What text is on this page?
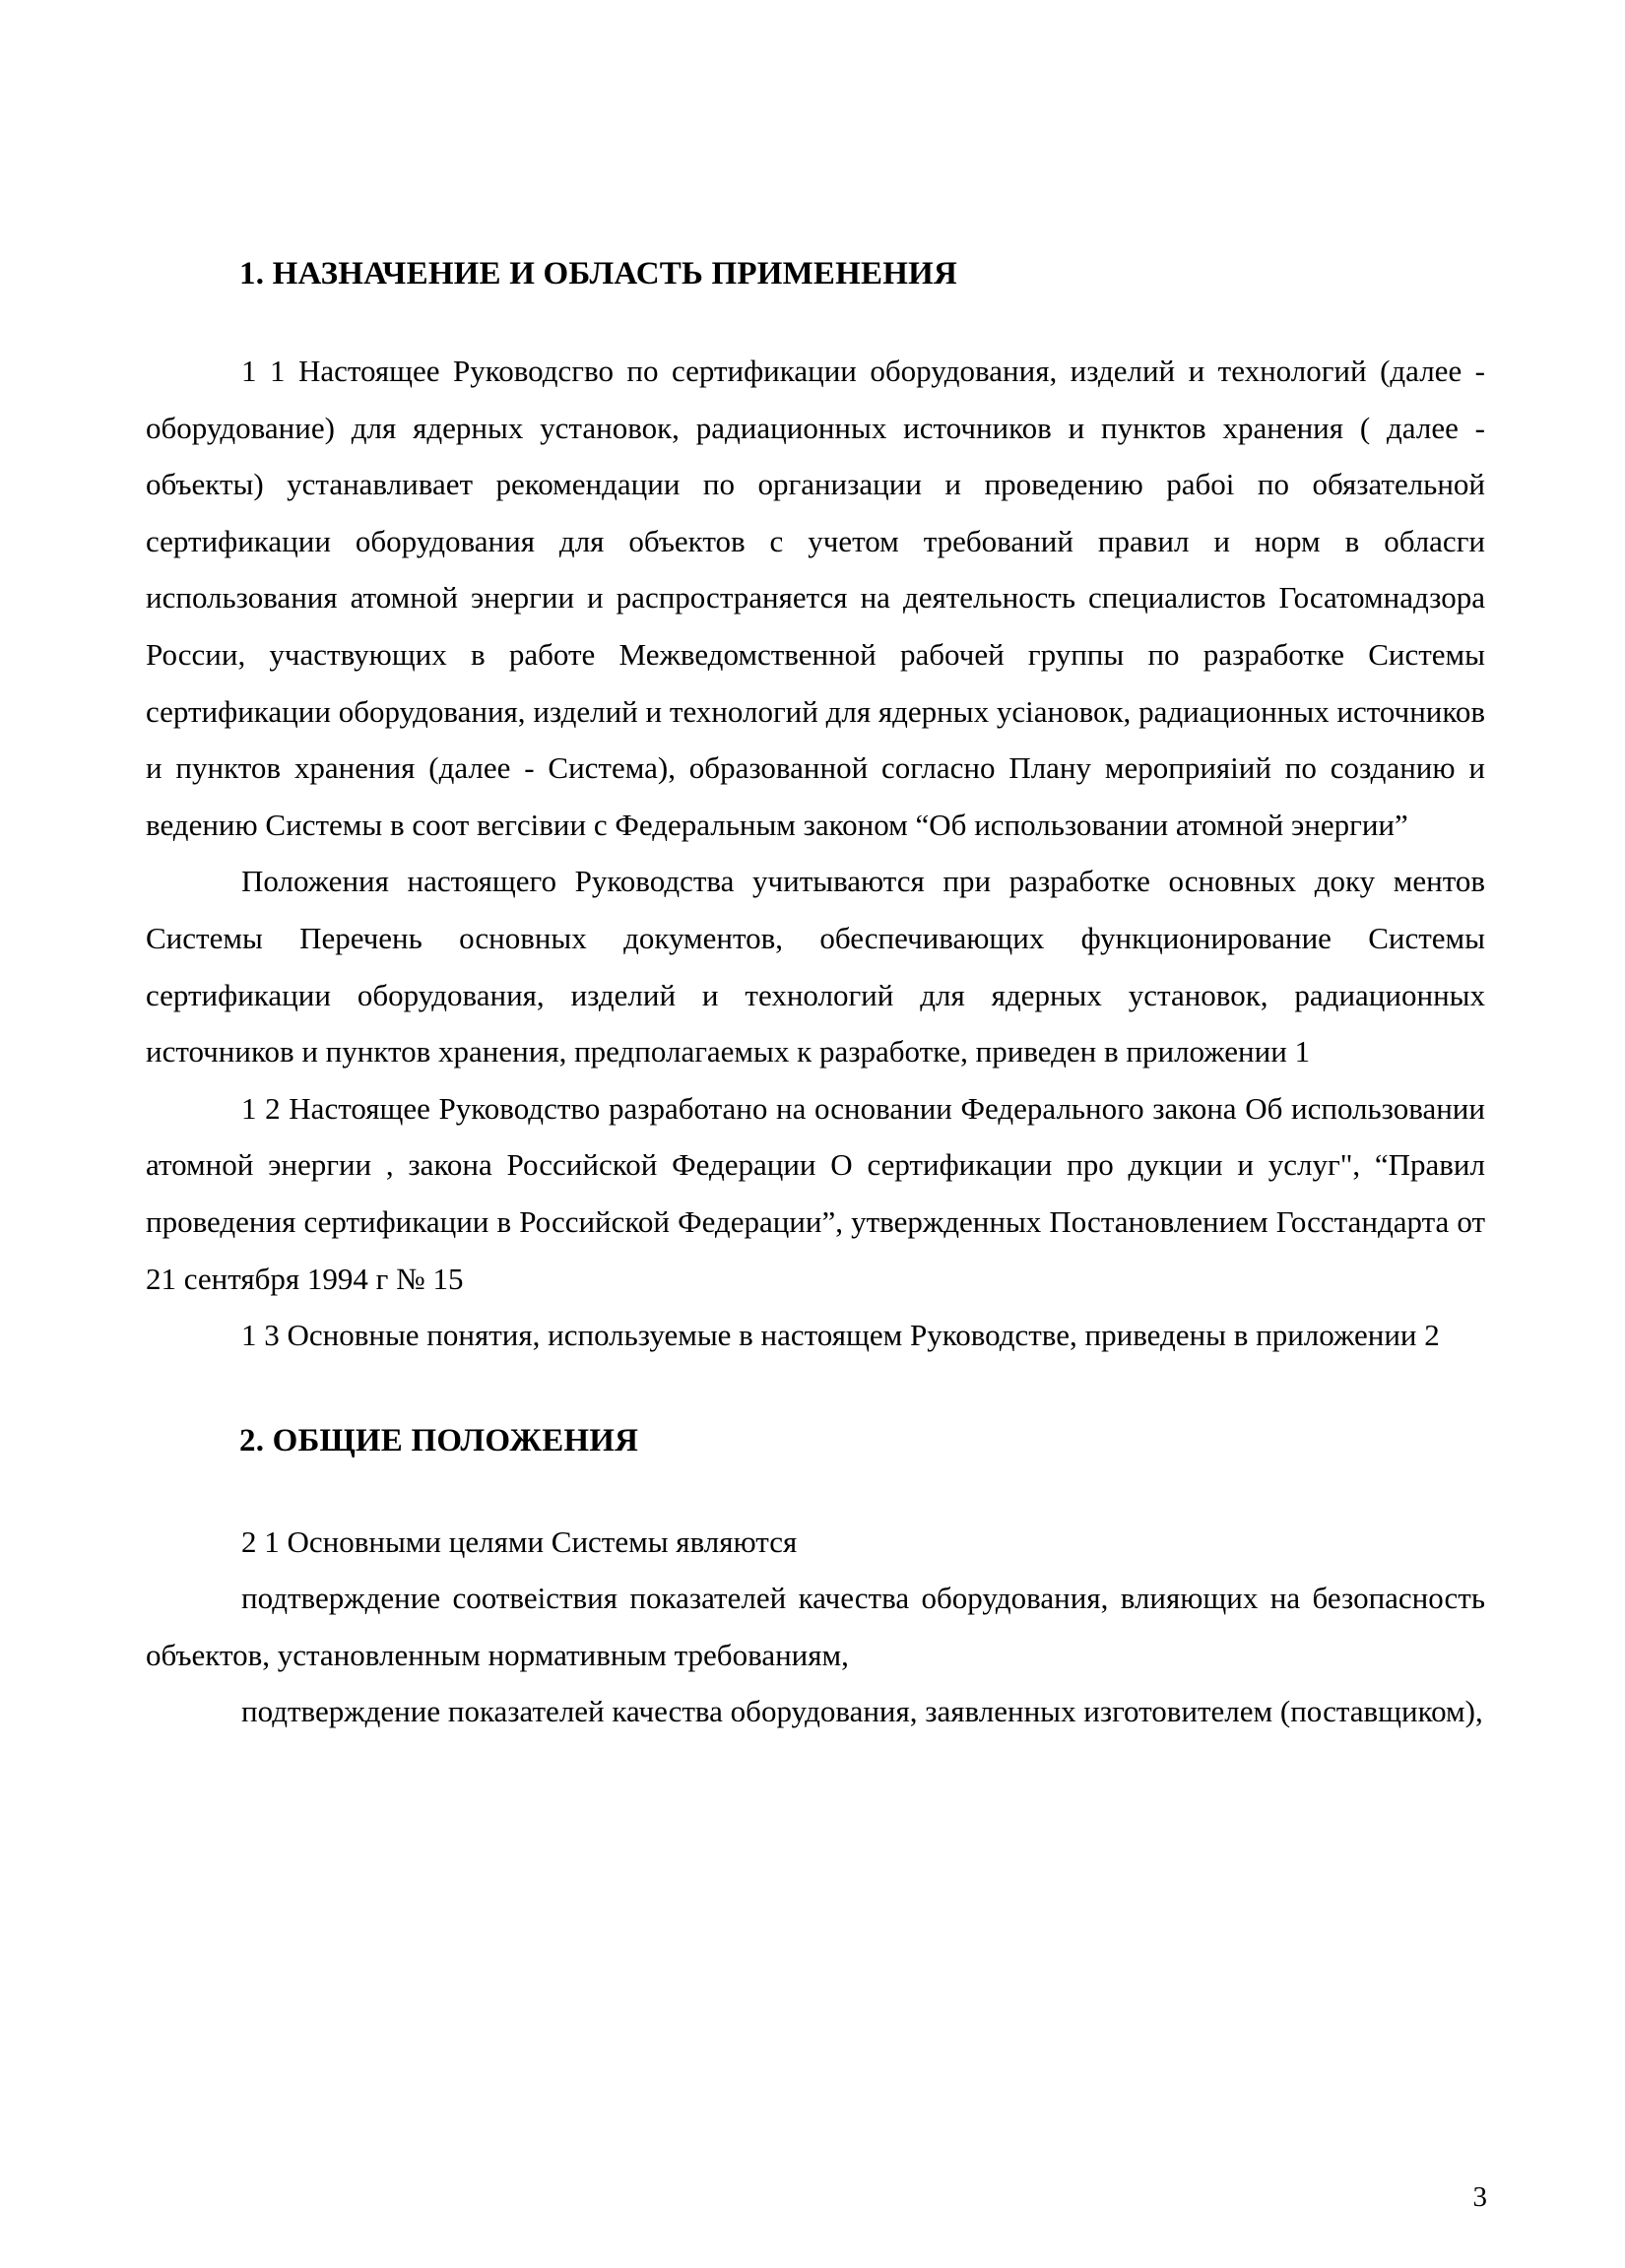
1. НАЗНАЧЕНИЕ И ОБЛАСТЬ ПРИМЕНЕНИЯ

1 1 Настоящее Руководсгво по сертификации оборудования, изделий и технологий (далее - оборудование) для ядерных установок, радиационных источников и пунктов хранения ( далее - объекты) устанавливает рекомендации по организации и проведению рабоі по обязательной сертификации оборудования для объектов с учетом требований правил и норм в облаcги использования атомной энергии и распространяется на деятельность специалистов Госатомнадзора России, участвующих в работе Межведомственной рабочей группы по разработке Системы сертификации оборудования, изделий и технологий для ядерных усіановок, радиационных источников и пунктов хранения (далее - Система), образованной согласно Плану мероприяіий по созданию и ведению Системы в соот вегсівии с Федеральным законом “Об использовании атомной энергии”

Положения настоящего Руководства учитываются при разработке основных доку ментов Системы Перечень основных документов, обеспечивающих функционирование Системы сертификации оборудования, изделий и технологий для ядерных установок, радиационных источников и пунктов хранения, предполагаемых к разработке, приведен в приложении 1

1 2 Настоящее Руководство разработано на основании Федерального закона Об использовании атомной энергии , закона Российской Федерации О сертификации про дукции и услуг", “Правил проведения сертификации в Российской Федерации”, утвержденных Постановлением Госстандарта от 21 сентября 1994 г № 15

1 3 Основные понятия, используемые в настоящем Руководстве, приведены в приложении 2

2. ОБЩИЕ ПОЛОЖЕНИЯ

2 1 Основными целями Системы являются

подтверждение соотвеіствия показателей качества оборудования, влияющих на безопасность объектов, установленным нормативным требованиям,

подтверждение показателей качества оборудования, заявленных изготовителем (поставщиком),

3
